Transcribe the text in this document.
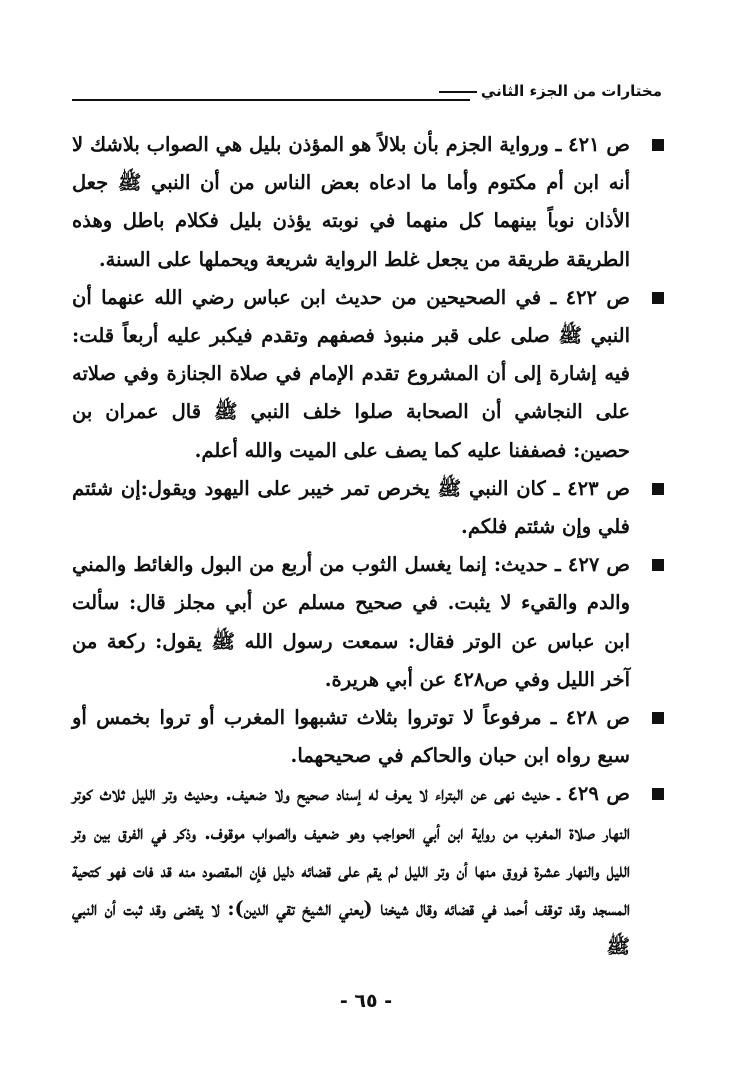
مختارات من الجزء الثاني

ص ٤٢١ ـ ورواية الجزم بأن بلالاً هو المؤذن بليل هي الصواب بلاشك لا أنه ابن أم مكتوم وأما ما ادعاه بعض الناس من أن النبي ﷺ جعل الأذان نوباً بينهما كل منهما في نوبته يؤذن بليل فكلام باطل وهذه الطريقة طريقة من يجعل غلط الرواية شريعة ويحملها على السنة.

ص ٤٢٢ ـ في الصحيحين من حديث ابن عباس رضي الله عنهما أن النبي ﷺ صلى على قبر منبوذ فصفهم وتقدم فيكبر عليه أربعاً قلت: فيه إشارة إلى أن المشروع تقدم الإمام في صلاة الجنازة وفي صلاته على النجاشي أن الصحابة صلوا خلف النبي ﷺ قال عمران بن حصين: فصففنا عليه كما يصف على الميت والله أعلم.

ص ٤٢٣ ـ كان النبي ﷺ يخرص تمر خيبر على اليهود ويقول:إن شئتم فلي وإن شئتم فلكم.

ص ٤٢٧ ـ حديث: إنما يغسل الثوب من أربع من البول والغائط والمني والدم والقيء لا يثبت. في صحيح مسلم عن أبي مجلز قال: سألت ابن عباس عن الوتر فقال: سمعت رسول الله ﷺ يقول: ركعة من آخر الليل وفي ص٤٢٨ عن أبي هريرة.

ص ٤٢٨ ـ مرفوعاً لا توتروا بثلاث تشبهوا المغرب أو تروا بخمس أو سبع رواه ابن حبان والحاكم في صحيحهما.

ص ٤٢٩ ـ حديث نهى عن البتراء لا يعرف له إسناد صحيح ولا ضعيف. وحديث وتر الليل ثلاث كوتر النهار صلاة المغرب من رواية ابن أبي الحواجب وهو ضعيف والصواب موقوف. وذكر في الفرق بين وتر الليل والنهار عشرة فروق منها أن وتر الليل لم يقم على قضائه دليل فإن المقصود منه قد فات فهو كتحية المسجد وقد توقف أحمد في قضائه وقال شيخنا (يعني الشيخ تقي الدين): لا يقضى وقد ثبت أن النبي ﷺ

- ٦٥ -
